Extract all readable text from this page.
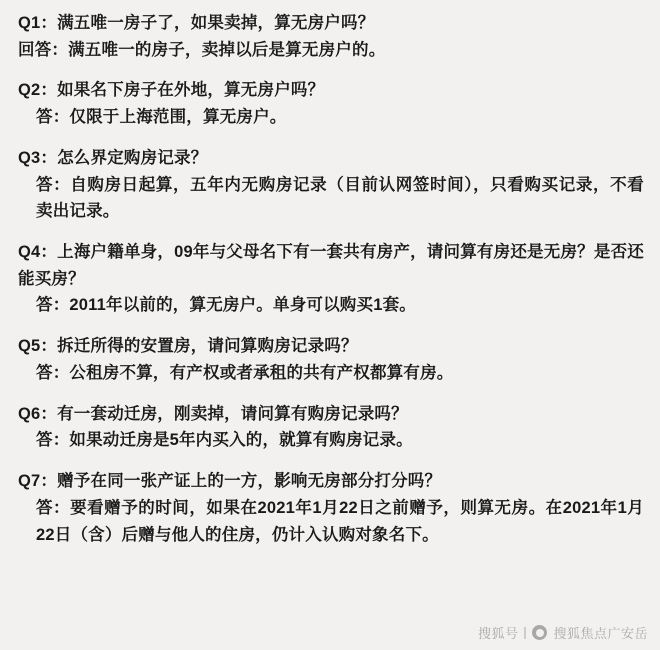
Q1：满五唯一房子了，如果卖掉，算无房户吗？

回答：满五唯一的房子，卖掉以后是算无房户的。

Q2：如果名下房子在外地，算无房户吗？

答：仅限于上海范围，算无房户。

Q3：怎么界定购房记录？

答：自购房日起算，五年内无购房记录（目前认网签时间），只看购买记录，不看卖出记录。

Q4：上海户籍单身，09年与父母名下有一套共有房产，请问算有房还是无房？是否还能买房？

答：2011年以前的，算无房户。单身可以购买1套。

Q5：拆迁所得的安置房，请问算购房记录吗？

答：公租房不算，有产权或者承租的共有产权都算有房。

Q6：有一套动迁房，刚卖掉，请问算有购房记录吗？

答：如果动迁房是5年内买入的，就算有购房记录。

Q7：赠予在同一张产证上的一方，影响无房部分打分吗？

答：要看赠予的时间，如果在2021年1月22日之前赠予，则算无房。在2021年1月22日（含）后赠与他人的住房，仍计入认购对象名下。

搜狐号	搜狐焦点广安岳
